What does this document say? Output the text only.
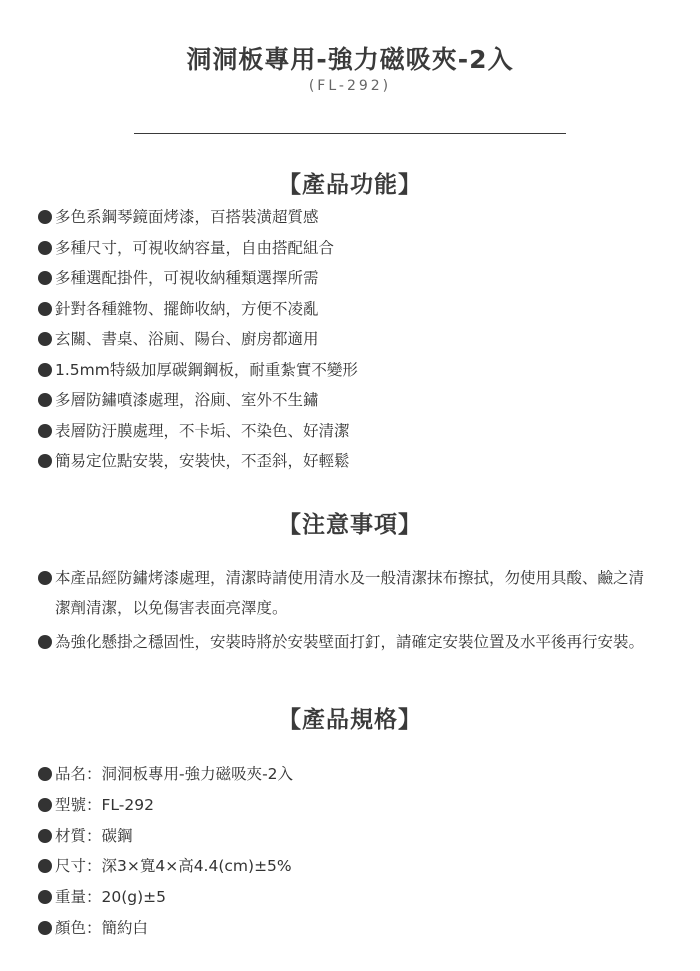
洞洞板專用-強力磁吸夾-2入
(FL-292)
【產品功能】
多色系鋼琴鏡面烤漆，百搭裝潢超質感
多種尺寸，可視收納容量，自由搭配組合
多種選配掛件，可視收納種類選擇所需
針對各種雜物、擺飾收納，方便不凌亂
玄關、書桌、浴廁、陽台、廚房都適用
1.5mm特級加厚碳鋼鋼板，耐重紮實不變形
多層防鏽噴漆處理，浴廁、室外不生鏽
表層防汙膜處理，不卡垢、不染色、好清潔
簡易定位點安裝，安裝快，不歪斜，好輕鬆
【注意事項】
本產品經防鏽烤漆處理，清潔時請使用清水及一般清潔抹布擦拭，勿使用具酸、鹼之清潔劑清潔，以免傷害表面亮澤度。
為強化懸掛之穩固性，安裝時將於安裝壁面打釘，請確定安裝位置及水平後再行安裝。
【產品規格】
品名：洞洞板專用-強力磁吸夾-2入
型號：FL-292
材質：碳鋼
尺寸：深3×寬4×高4.4(cm)±5%
重量：20(g)±5
顏色：簡約白
